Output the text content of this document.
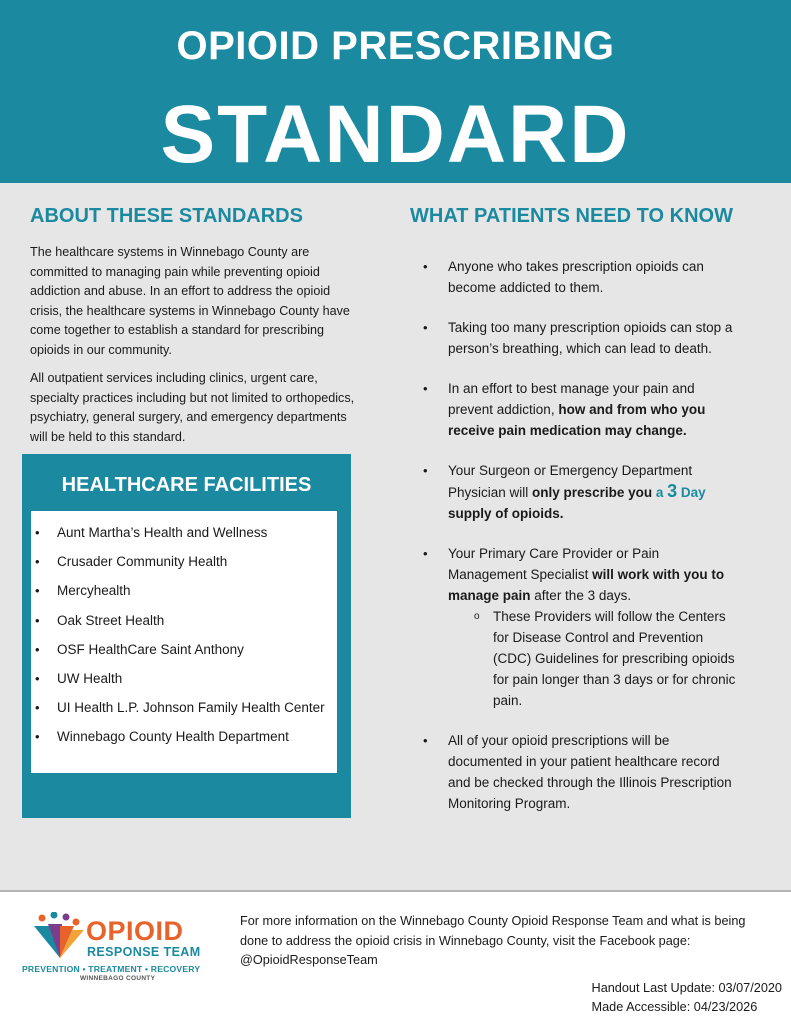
OPIOID PRESCRIBING
STANDARD
ABOUT THESE STANDARDS

The healthcare systems in Winnebago County are committed to managing pain while preventing opioid addiction and abuse. In an effort to address the opioid crisis, the healthcare systems in Winnebago County have come together to establish a standard for prescribing opioids in our community.

All outpatient services including clinics, urgent care, specialty practices including but not limited to orthopedics, psychiatry, general surgery, and emergency departments will be held to this standard.

HEALTHCARE FACILITIES
• Aunt Martha’s Health and Wellness
• Crusader Community Health
• Mercyhealth
• Oak Street Health
• OSF HealthCare Saint Anthony
• UW Health
• UI Health L.P. Johnson Family Health Center
• Winnebago County Health Department
WHAT PATIENTS NEED TO KNOW
• Anyone who takes prescription opioids can become addicted to them.
• Taking too many prescription opioids can stop a person’s breathing, which can lead to death.
• In an effort to best manage your pain and prevent addiction, how and from who you receive pain medication may change.
• Your Surgeon or Emergency Department Physician will only prescribe you a 3 Day supply of opioids.
• Your Primary Care Provider or Pain Management Specialist will work with you to manage pain after the 3 days.
o These Providers will follow the Centers for Disease Control and Prevention (CDC) Guidelines for prescribing opioids for pain longer than 3 days or for chronic pain.
• All of your opioid prescriptions will be documented in your patient healthcare record and be checked through the Illinois Prescription Monitoring Program.
OPIOID
RESPONSE TEAM
PREVENTION • TREATMENT • RECOVERY
WINNEBAGO COUNTY
For more information on the Winnebago County Opioid Response Team and what is being done to address the opioid crisis in Winnebago County, visit the Facebook page: @OpioidResponseTeam
Handout Last Update: 03/07/2020
Made Accessible: 04/23/2026
